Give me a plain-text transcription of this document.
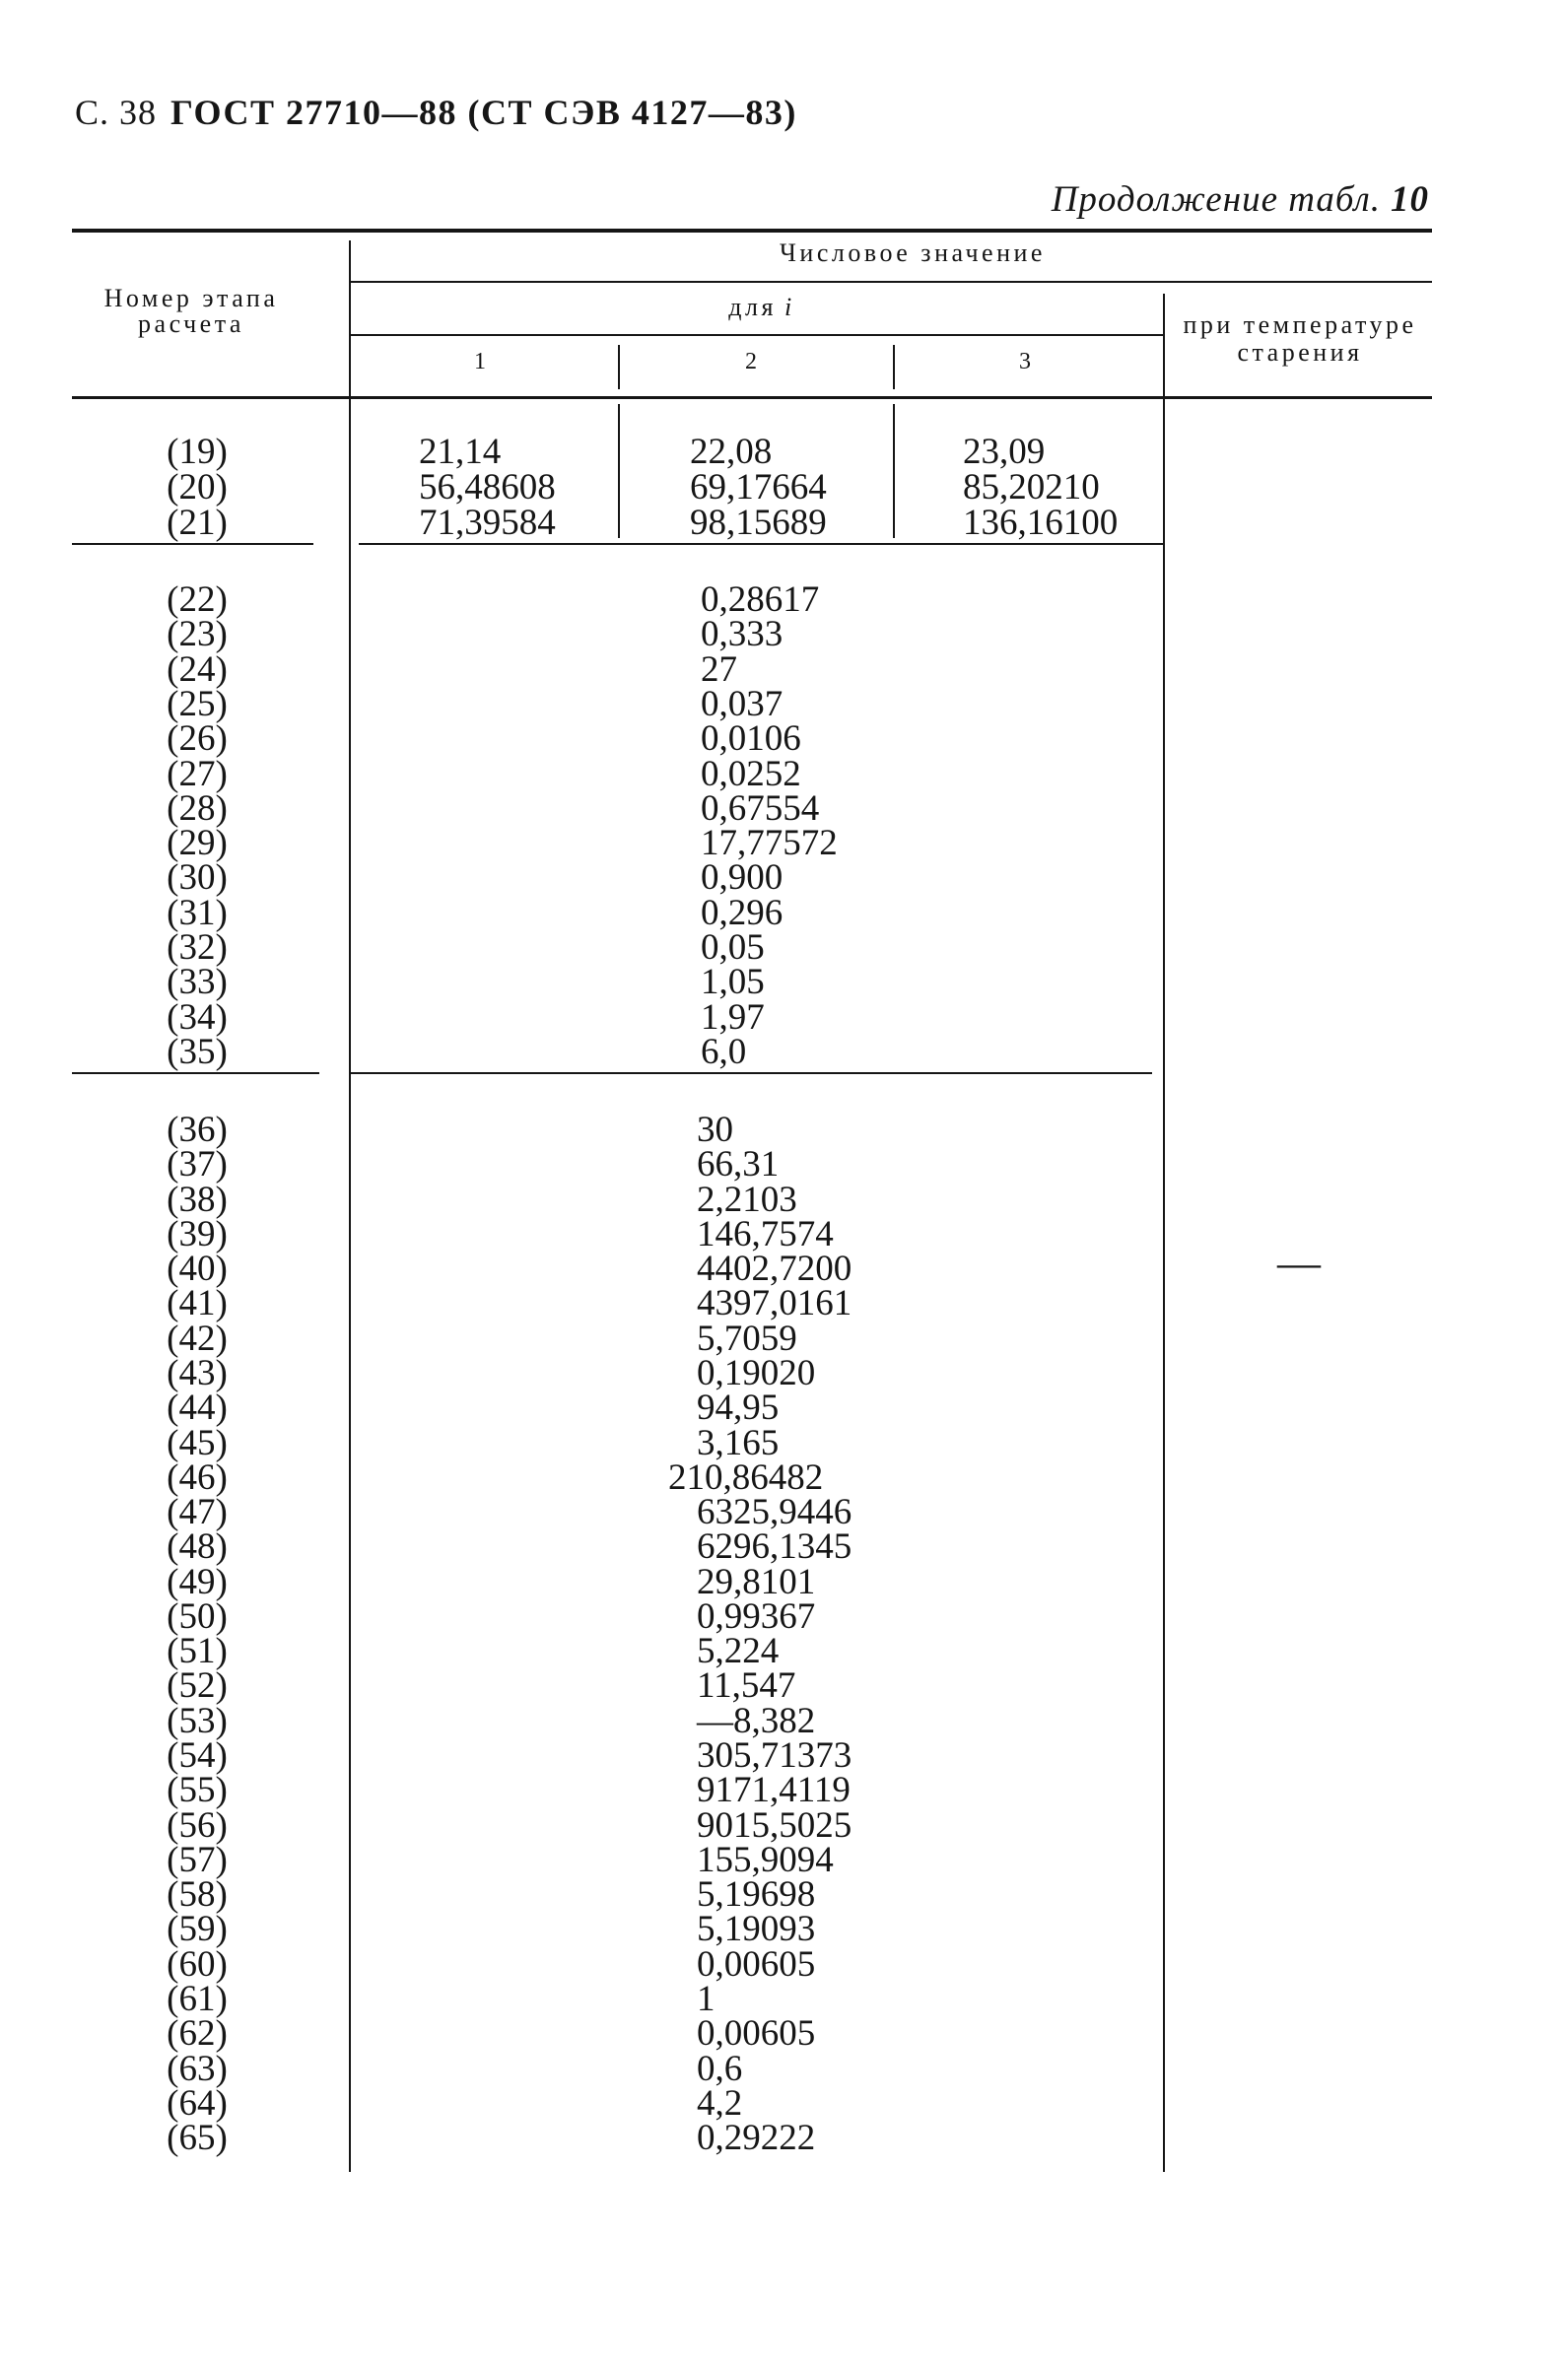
С. 38 ГОСТ 27710—88 (СТ СЭВ 4127—83)
Продолжение табл. 10
Номер этапа
расчета
Числовое значение
для i
1	2	3
при температуре
старения
(19)	21,14	22,08	23,09
(20)	56,48608	69,17664	85,20210
(21)	71,39584	98,15689	136,16100
(22)	0,28617
(23)	0,333
(24)	27
(25)	0,037
(26)	0,0106
(27)	0,0252
(28)	0,67554
(29)	17,77572
(30)	0,900
(31)	0,296
(32)	0,05
(33)	1,05
(34)	1,97
(35)	6,0
(36)	30
(37)	66,31
(38)	2,2103
(39)	146,7574
(40)	4402,7200
(41)	4397,0161
(42)	5,7059
(43)	0,19020
(44)	94,95
(45)	3,165
(46)	210,86482
(47)	6325,9446
(48)	6296,1345
(49)	29,8101
(50)	0,99367
(51)	5,224
(52)	11,547
(53)	—8,382
(54)	305,71373
(55)	9171,4119
(56)	9015,5025
(57)	155,9094
(58)	5,19698
(59)	5,19093
(60)	0,00605
(61)	1
(62)	0,00605
(63)	0,6
(64)	4,2
(65)	0,29222
—
